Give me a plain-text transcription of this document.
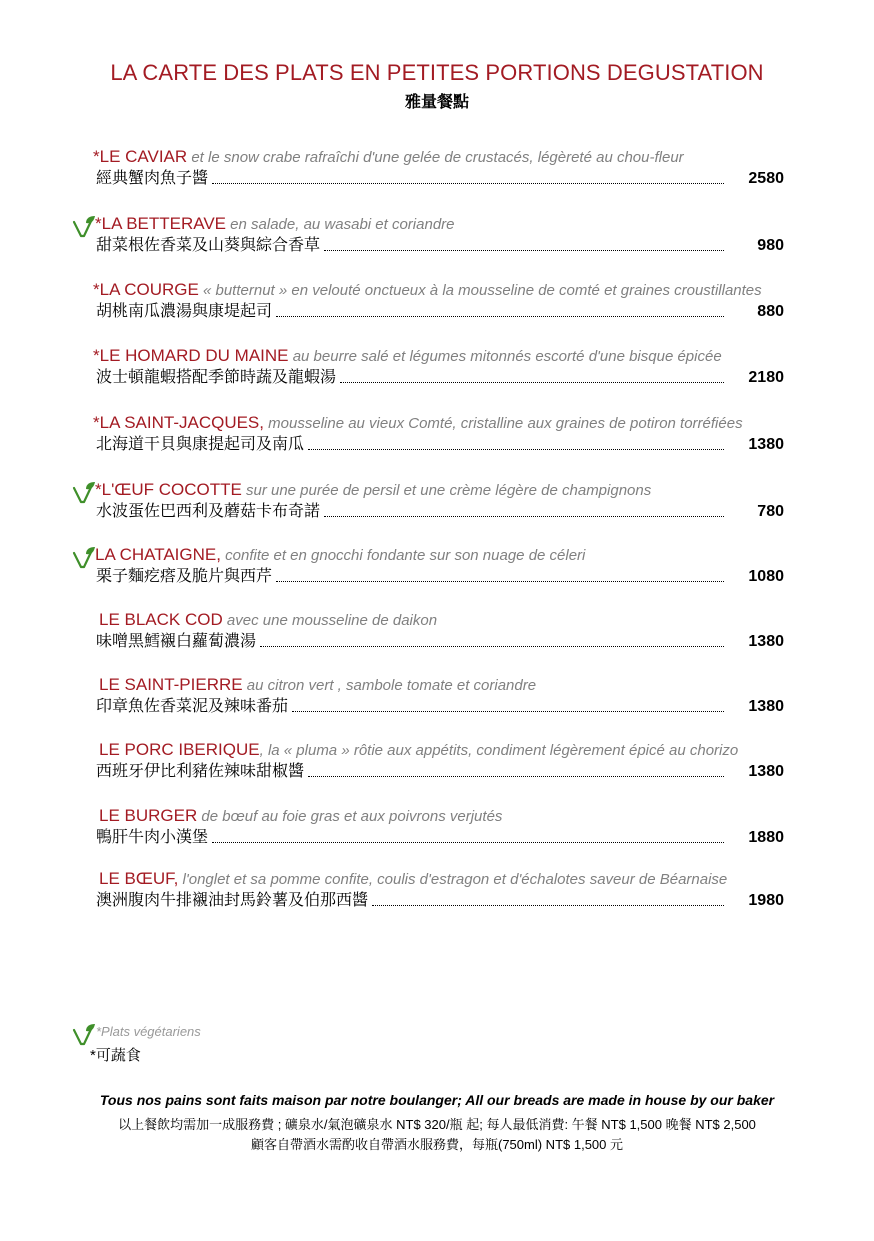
LA CARTE DES PLATS EN PETITES PORTIONS DEGUSTATION
雅量餐點
*LE CAVIAR et le snow crabe rafraîchi d'une gelée de crustacés, légèreté au chou-fleur
經典蟹肉魚子醬	2580
*LA BETTERAVE en salade, au wasabi et coriandre
甜菜根佐香菜及山葵與綜合香草	980
*LA COURGE « butternut » en velouté onctueux à la mousseline de comté et graines croustillantes
胡桃南瓜濃湯與康堤起司	880
*LE HOMARD DU MAINE au beurre salé et légumes mitonnés escorté d'une bisque épicée
波士頓龍蝦搭配季節時蔬及龍蝦湯	2180
*LA SAINT-JACQUES, mousseline au vieux Comté, cristalline aux graines de potiron torréfiées
北海道干貝與康提起司及南瓜	1380
*L'ŒUF COCOTTE sur une purée de persil et une crème légère de champignons
水波蛋佐巴西利及蘑菇卡布奇諾	780
LA CHATAIGNE, confite et en gnocchi fondante sur son nuage de céleri
栗子麵疙瘩及脆片與西芹	1080
LE BLACK COD avec une mousseline de daikon
味噌黑鱈襯白蘿蔔濃湯	1380
LE SAINT-PIERRE au citron vert , sambole tomate et coriandre
印章魚佐香菜泥及辣味番茄	1380
LE PORC IBERIQUE, la « pluma » rôtie aux appétits, condiment légèrement épicé au chorizo
西班牙伊比利豬佐辣味甜椒醬	1380
LE BURGER de bœuf au foie gras et aux poivrons verjutés
鴨肝牛肉小漢堡	1880
LE BŒUF, l'onglet et sa pomme confite, coulis d'estragon et d'échalotes saveur de Béarnaise
澳洲腹肉牛排襯油封馬鈴薯及伯那西醬	1980
*Plats végétariens
*可蔬食
Tous nos pains sont faits maison par notre boulanger; All our breads are made in house by our baker
以上餐飲均需加一成服務費 ; 礦泉水/氣泡礦泉水 NT$ 320/瓶 起; 每人最低消費: 午餐 NT$ 1,500 晚餐 NT$ 2,500
顧客自帶酒水需酌收自帶酒水服務費，每瓶(750ml) NT$ 1,500 元
